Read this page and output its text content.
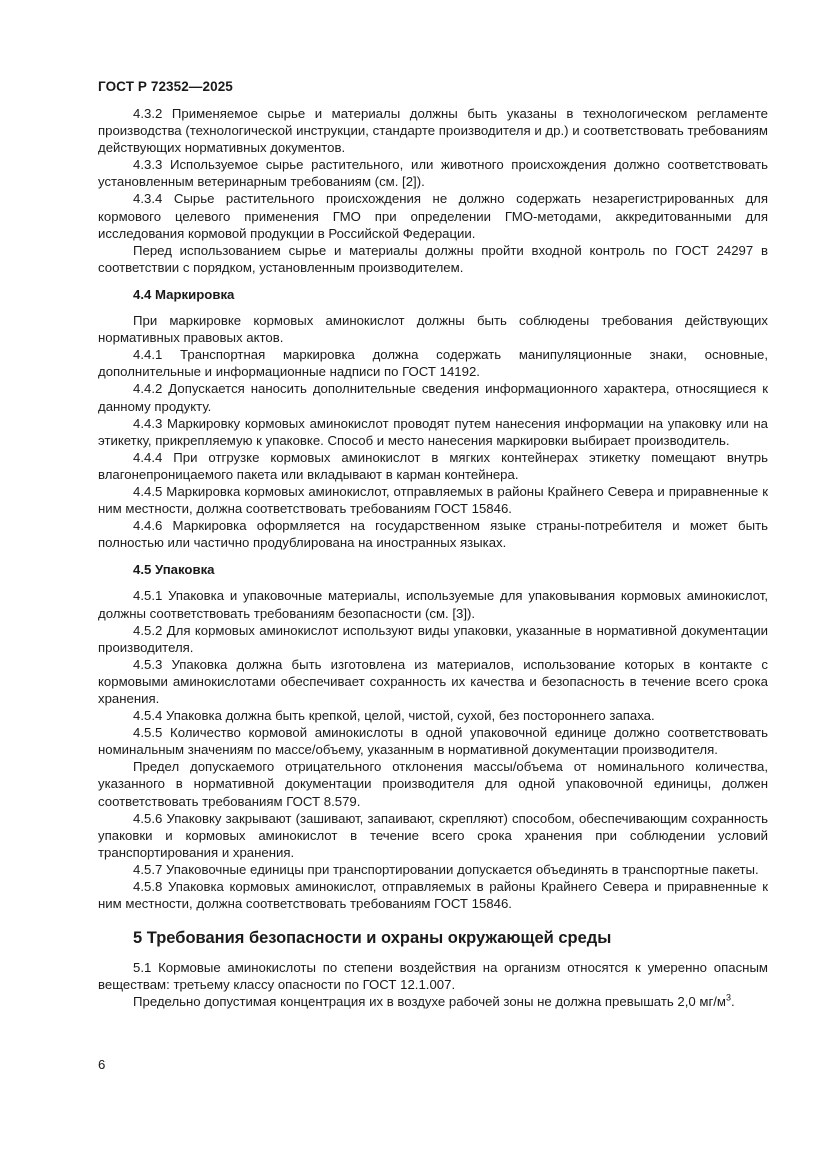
ГОСТ Р 72352—2025

4.3.2 Применяемое сырье и материалы должны быть указаны в технологическом регламенте производства (технологической инструкции, стандарте производителя и др.) и соответствовать требованиям действующих нормативных документов.

4.3.3 Используемое сырье растительного, или животного происхождения должно соответствовать установленным ветеринарным требованиям (см. [2]).

4.3.4 Сырье растительного происхождения не должно содержать незарегистрированных для кормового целевого применения ГМО при определении ГМО-методами, аккредитованными для исследования кормовой продукции в Российской Федерации.

Перед использованием сырье и материалы должны пройти входной контроль по ГОСТ 24297 в соответствии с порядком, установленным производителем.

4.4 Маркировка

При маркировке кормовых аминокислот должны быть соблюдены требования действующих нормативных правовых актов.

4.4.1 Транспортная маркировка должна содержать манипуляционные знаки, основные, дополнительные и информационные надписи по ГОСТ 14192.

4.4.2 Допускается наносить дополнительные сведения информационного характера, относящиеся к данному продукту.

4.4.3 Маркировку кормовых аминокислот проводят путем нанесения информации на упаковку или на этикетку, прикрепляемую к упаковке. Способ и место нанесения маркировки выбирает производитель.

4.4.4 При отгрузке кормовых аминокислот в мягких контейнерах этикетку помещают внутрь влагонепроницаемого пакета или вкладывают в карман контейнера.

4.4.5 Маркировка кормовых аминокислот, отправляемых в районы Крайнего Севера и приравненные к ним местности, должна соответствовать требованиям ГОСТ 15846.

4.4.6 Маркировка оформляется на государственном языке страны-потребителя и может быть полностью или частично продублирована на иностранных языках.

4.5 Упаковка

4.5.1 Упаковка и упаковочные материалы, используемые для упаковывания кормовых аминокислот, должны соответствовать требованиям безопасности (см. [3]).

4.5.2 Для кормовых аминокислот используют виды упаковки, указанные в нормативной документации производителя.

4.5.3 Упаковка должна быть изготовлена из материалов, использование которых в контакте с кормовыми аминокислотами обеспечивает сохранность их качества и безопасность в течение всего срока хранения.

4.5.4 Упаковка должна быть крепкой, целой, чистой, сухой, без постороннего запаха.

4.5.5 Количество кормовой аминокислоты в одной упаковочной единице должно соответствовать номинальным значениям по массе/объему, указанным в нормативной документации производителя.

Предел допускаемого отрицательного отклонения массы/объема от номинального количества, указанного в нормативной документации производителя для одной упаковочной единицы, должен соответствовать требованиям ГОСТ 8.579.

4.5.6 Упаковку закрывают (зашивают, запаивают, скрепляют) способом, обеспечивающим сохранность упаковки и кормовых аминокислот в течение всего срока хранения при соблюдении условий транспортирования и хранения.

4.5.7 Упаковочные единицы при транспортировании допускается объединять в транспортные пакеты.

4.5.8 Упаковка кормовых аминокислот, отправляемых в районы Крайнего Севера и приравненные к ним местности, должна соответствовать требованиям ГОСТ 15846.

5 Требования безопасности и охраны окружающей среды

5.1 Кормовые аминокислоты по степени воздействия на организм относятся к умеренно опасным веществам: третьему классу опасности по ГОСТ 12.1.007.

Предельно допустимая концентрация их в воздухе рабочей зоны не должна превышать 2,0 $мг/м^3$.

6
